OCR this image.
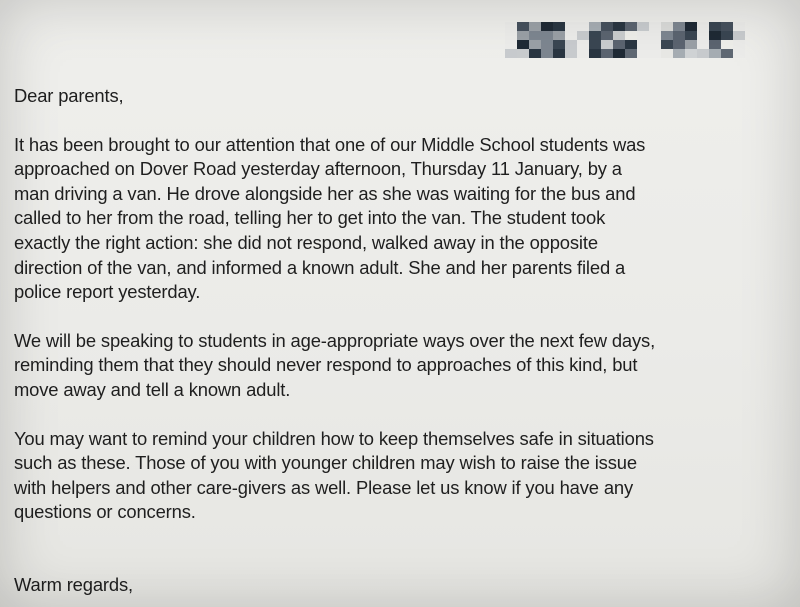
Dear parents,
It has been brought to our attention that one of our Middle School students was
approached on Dover Road yesterday afternoon, Thursday 11 January, by a
man driving a van. He drove alongside her as she was waiting for the bus and
called to her from the road, telling her to get into the van. The student took
exactly the right action: she did not respond, walked away in the opposite
direction of the van, and informed a known adult. She and her parents filed a
police report yesterday.
We will be speaking to students in age-appropriate ways over the next few days,
reminding them that they should never respond to approaches of this kind, but
move away and tell a known adult.
You may want to remind your children how to keep themselves safe in situations
such as these. Those of you with younger children may wish to raise the issue
with helpers and other care-givers as well. Please let us know if you have any
questions or concerns.
Warm regards,
